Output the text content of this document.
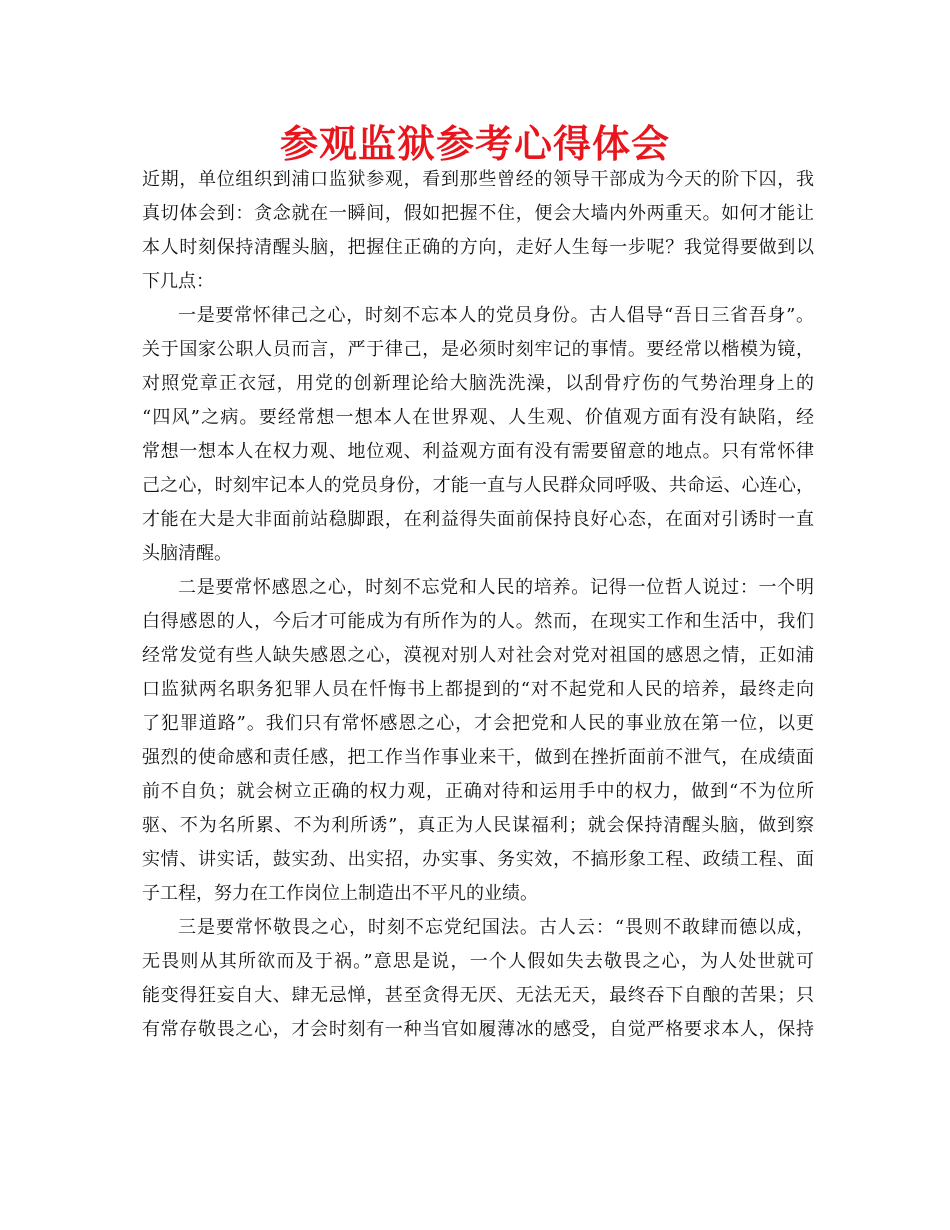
参观监狱参考心得体会
近期，单位组织到浦口监狱参观，看到那些曾经的领导干部成为今天的阶下囚，我
真切体会到：贪念就在一瞬间，假如把握不住，便会大墙内外两重天。如何才能让
本人时刻保持清醒头脑，把握住正确的方向，走好人生每一步呢？我觉得要做到以
下几点：
一是要常怀律己之心，时刻不忘本人的党员身份。古人倡导“吾日三省吾身”。
关于国家公职人员而言，严于律己，是必须时刻牢记的事情。要经常以楷模为镜，
对照党章正衣冠，用党的创新理论给大脑洗洗澡，以刮骨疗伤的气势治理身上的
“四风”之病。要经常想一想本人在世界观、人生观、价值观方面有没有缺陷，经
常想一想本人在权力观、地位观、利益观方面有没有需要留意的地点。只有常怀律
己之心，时刻牢记本人的党员身份，才能一直与人民群众同呼吸、共命运、心连心，
才能在大是大非面前站稳脚跟，在利益得失面前保持良好心态，在面对引诱时一直
头脑清醒。
二是要常怀感恩之心，时刻不忘党和人民的培养。记得一位哲人说过：一个明
白得感恩的人，今后才可能成为有所作为的人。然而，在现实工作和生活中，我们
经常发觉有些人缺失感恩之心，漠视对别人对社会对党对祖国的感恩之情，正如浦
口监狱两名职务犯罪人员在忏悔书上都提到的“对不起党和人民的培养，最终走向
了犯罪道路”。我们只有常怀感恩之心，才会把党和人民的事业放在第一位，以更
强烈的使命感和责任感，把工作当作事业来干，做到在挫折面前不泄气，在成绩面
前不自负；就会树立正确的权力观，正确对待和运用手中的权力，做到“不为位所
驱、不为名所累、不为利所诱”，真正为人民谋福利；就会保持清醒头脑，做到察
实情、讲实话，鼓实劲、出实招，办实事、务实效，不搞形象工程、政绩工程、面
子工程，努力在工作岗位上制造出不平凡的业绩。
三是要常怀敬畏之心，时刻不忘党纪国法。古人云：“畏则不敢肆而德以成，
无畏则从其所欲而及于祸。”意思是说，一个人假如失去敬畏之心，为人处世就可
能变得狂妄自大、肆无忌惮，甚至贪得无厌、无法无天，最终吞下自酿的苦果；只
有常存敬畏之心，才会时刻有一种当官如履薄冰的感受，自觉严格要求本人，保持
